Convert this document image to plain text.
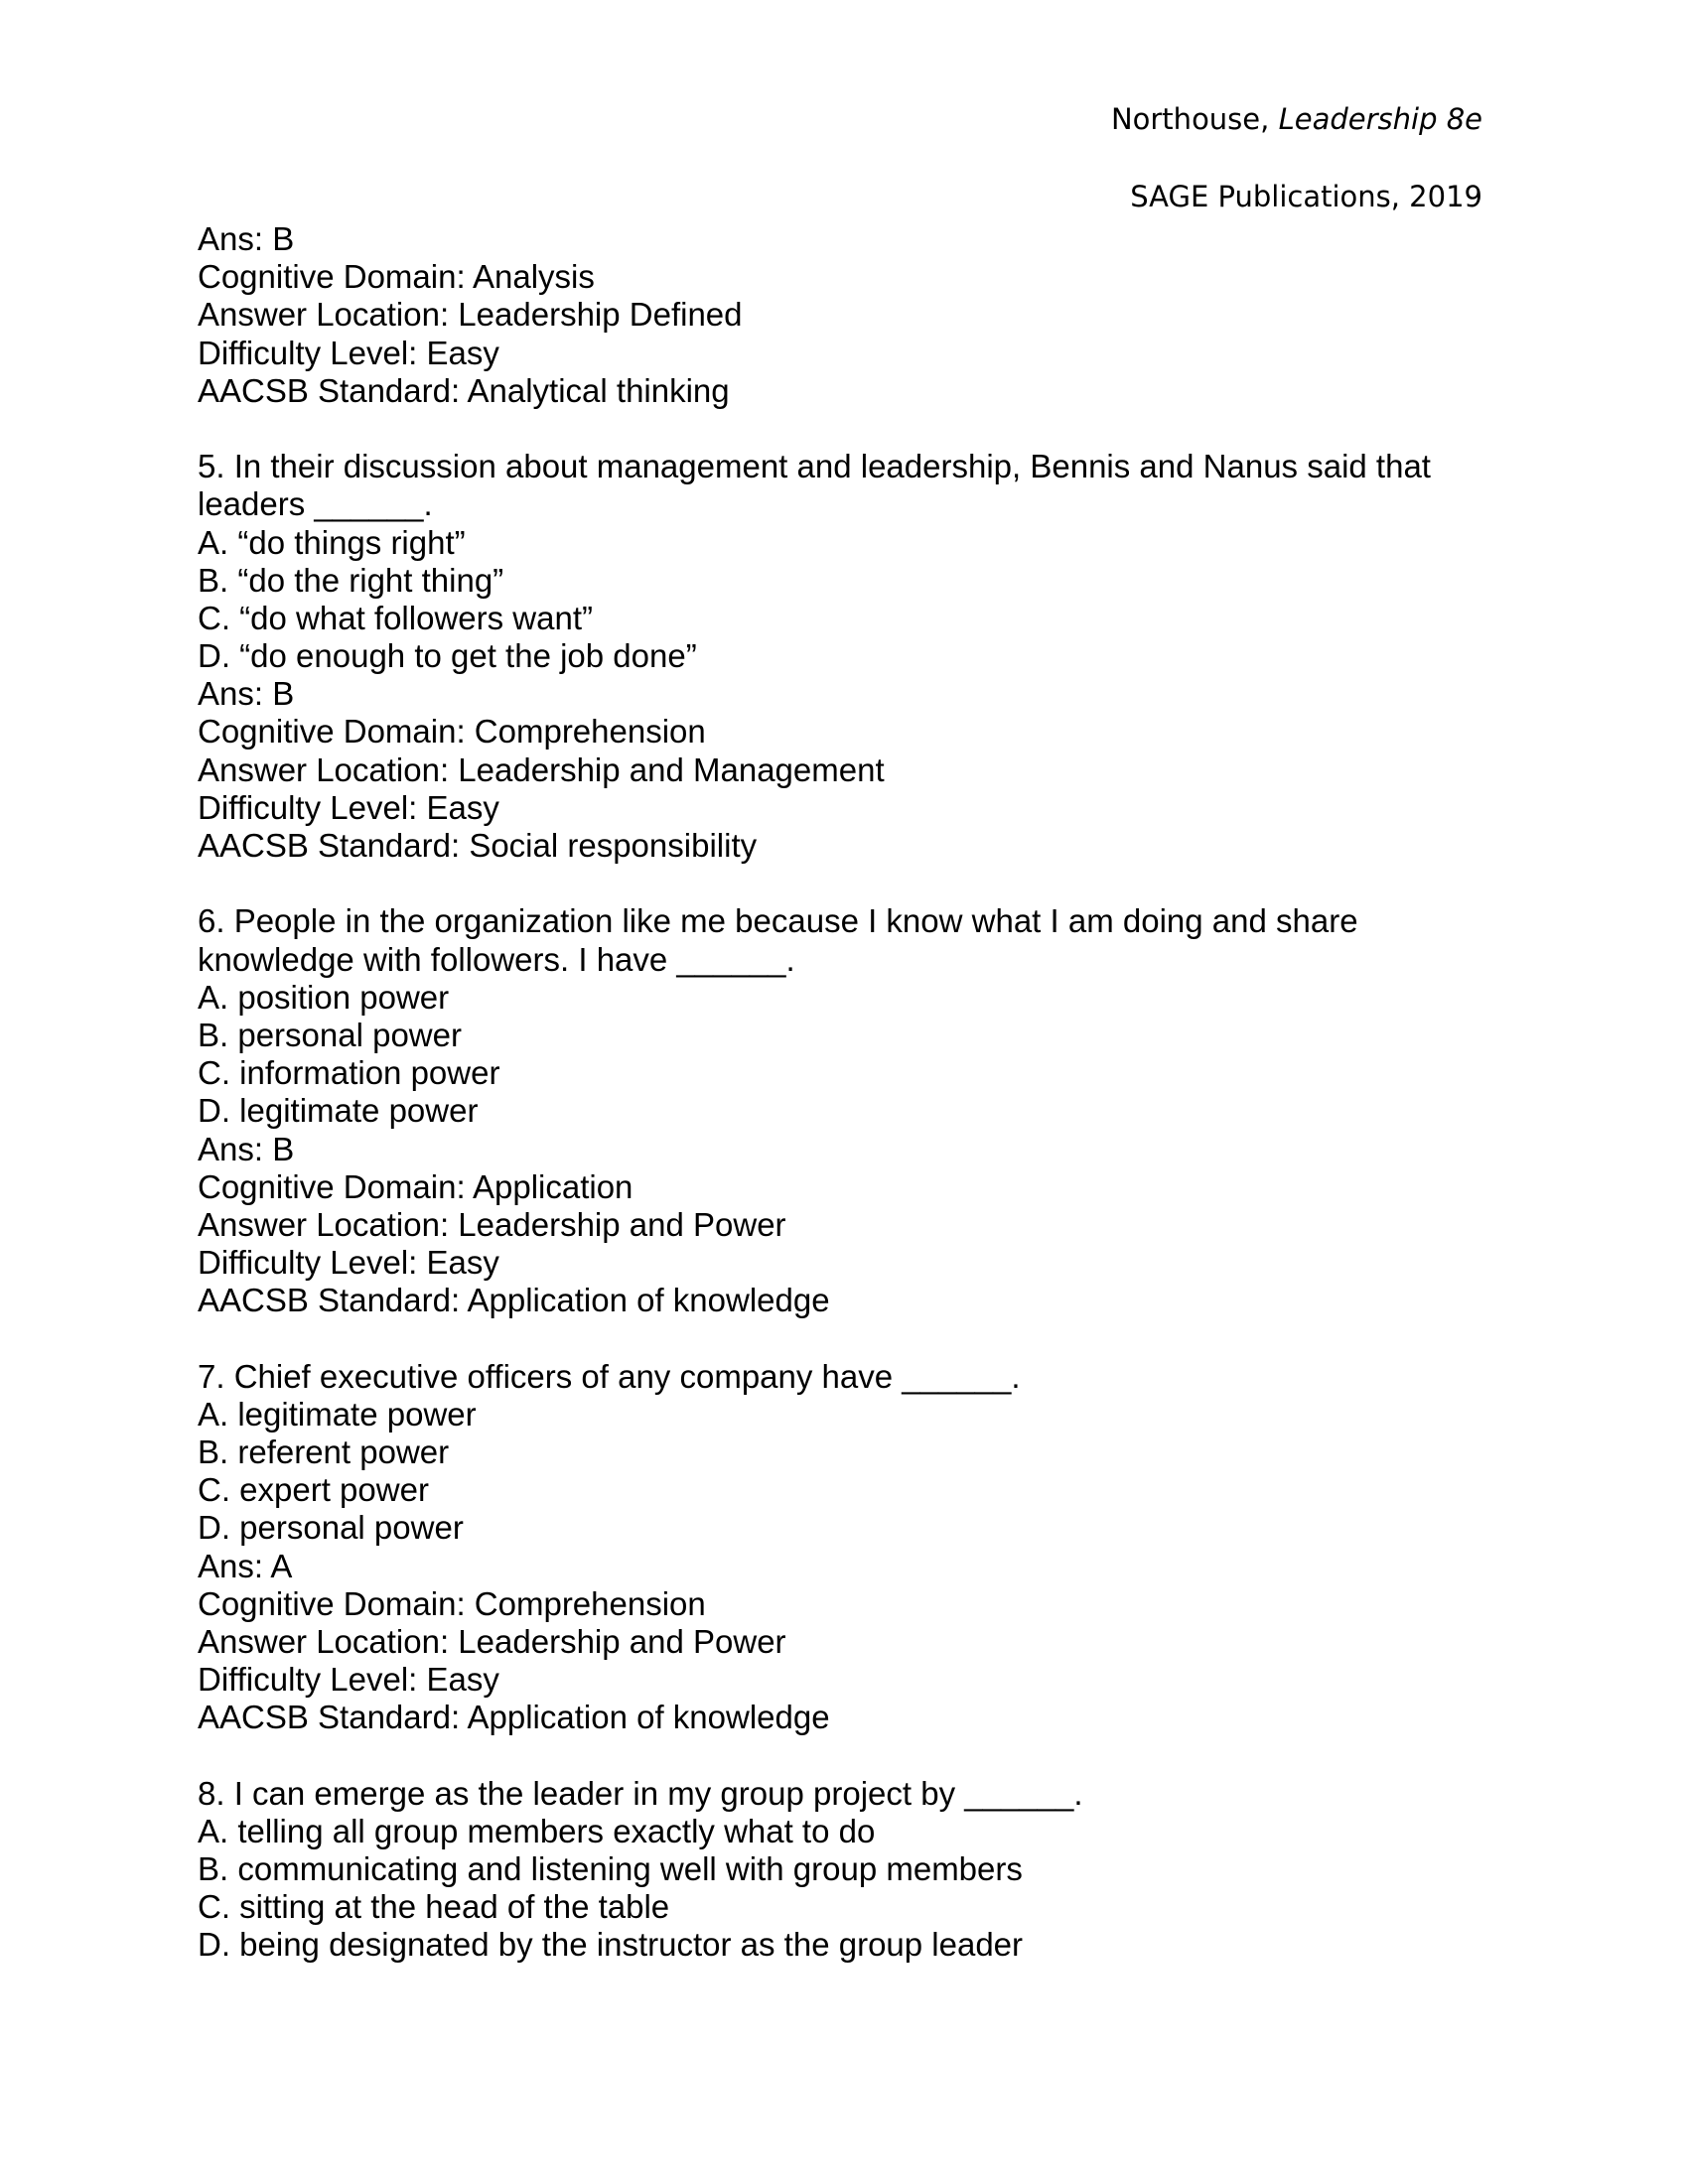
Northouse, Leadership 8e
SAGE Publications, 2019
Ans: B
Cognitive Domain: Analysis
Answer Location: Leadership Defined
Difficulty Level: Easy
AACSB Standard: Analytical thinking
5. In their discussion about management and leadership, Bennis and Nanus said that
leaders ______.
A. “do things right”
B. “do the right thing”
C. “do what followers want”
D. “do enough to get the job done”
Ans: B
Cognitive Domain: Comprehension
Answer Location: Leadership and Management
Difficulty Level: Easy
AACSB Standard: Social responsibility
6. People in the organization like me because I know what I am doing and share
knowledge with followers. I have ______.
A. position power
B. personal power
C. information power
D. legitimate power
Ans: B
Cognitive Domain: Application
Answer Location: Leadership and Power
Difficulty Level: Easy
AACSB Standard: Application of knowledge
7. Chief executive officers of any company have ______.
A. legitimate power
B. referent power
C. expert power
D. personal power
Ans: A
Cognitive Domain: Comprehension
Answer Location: Leadership and Power
Difficulty Level: Easy
AACSB Standard: Application of knowledge
8. I can emerge as the leader in my group project by ______.
A. telling all group members exactly what to do
B. communicating and listening well with group members
C. sitting at the head of the table
D. being designated by the instructor as the group leader
